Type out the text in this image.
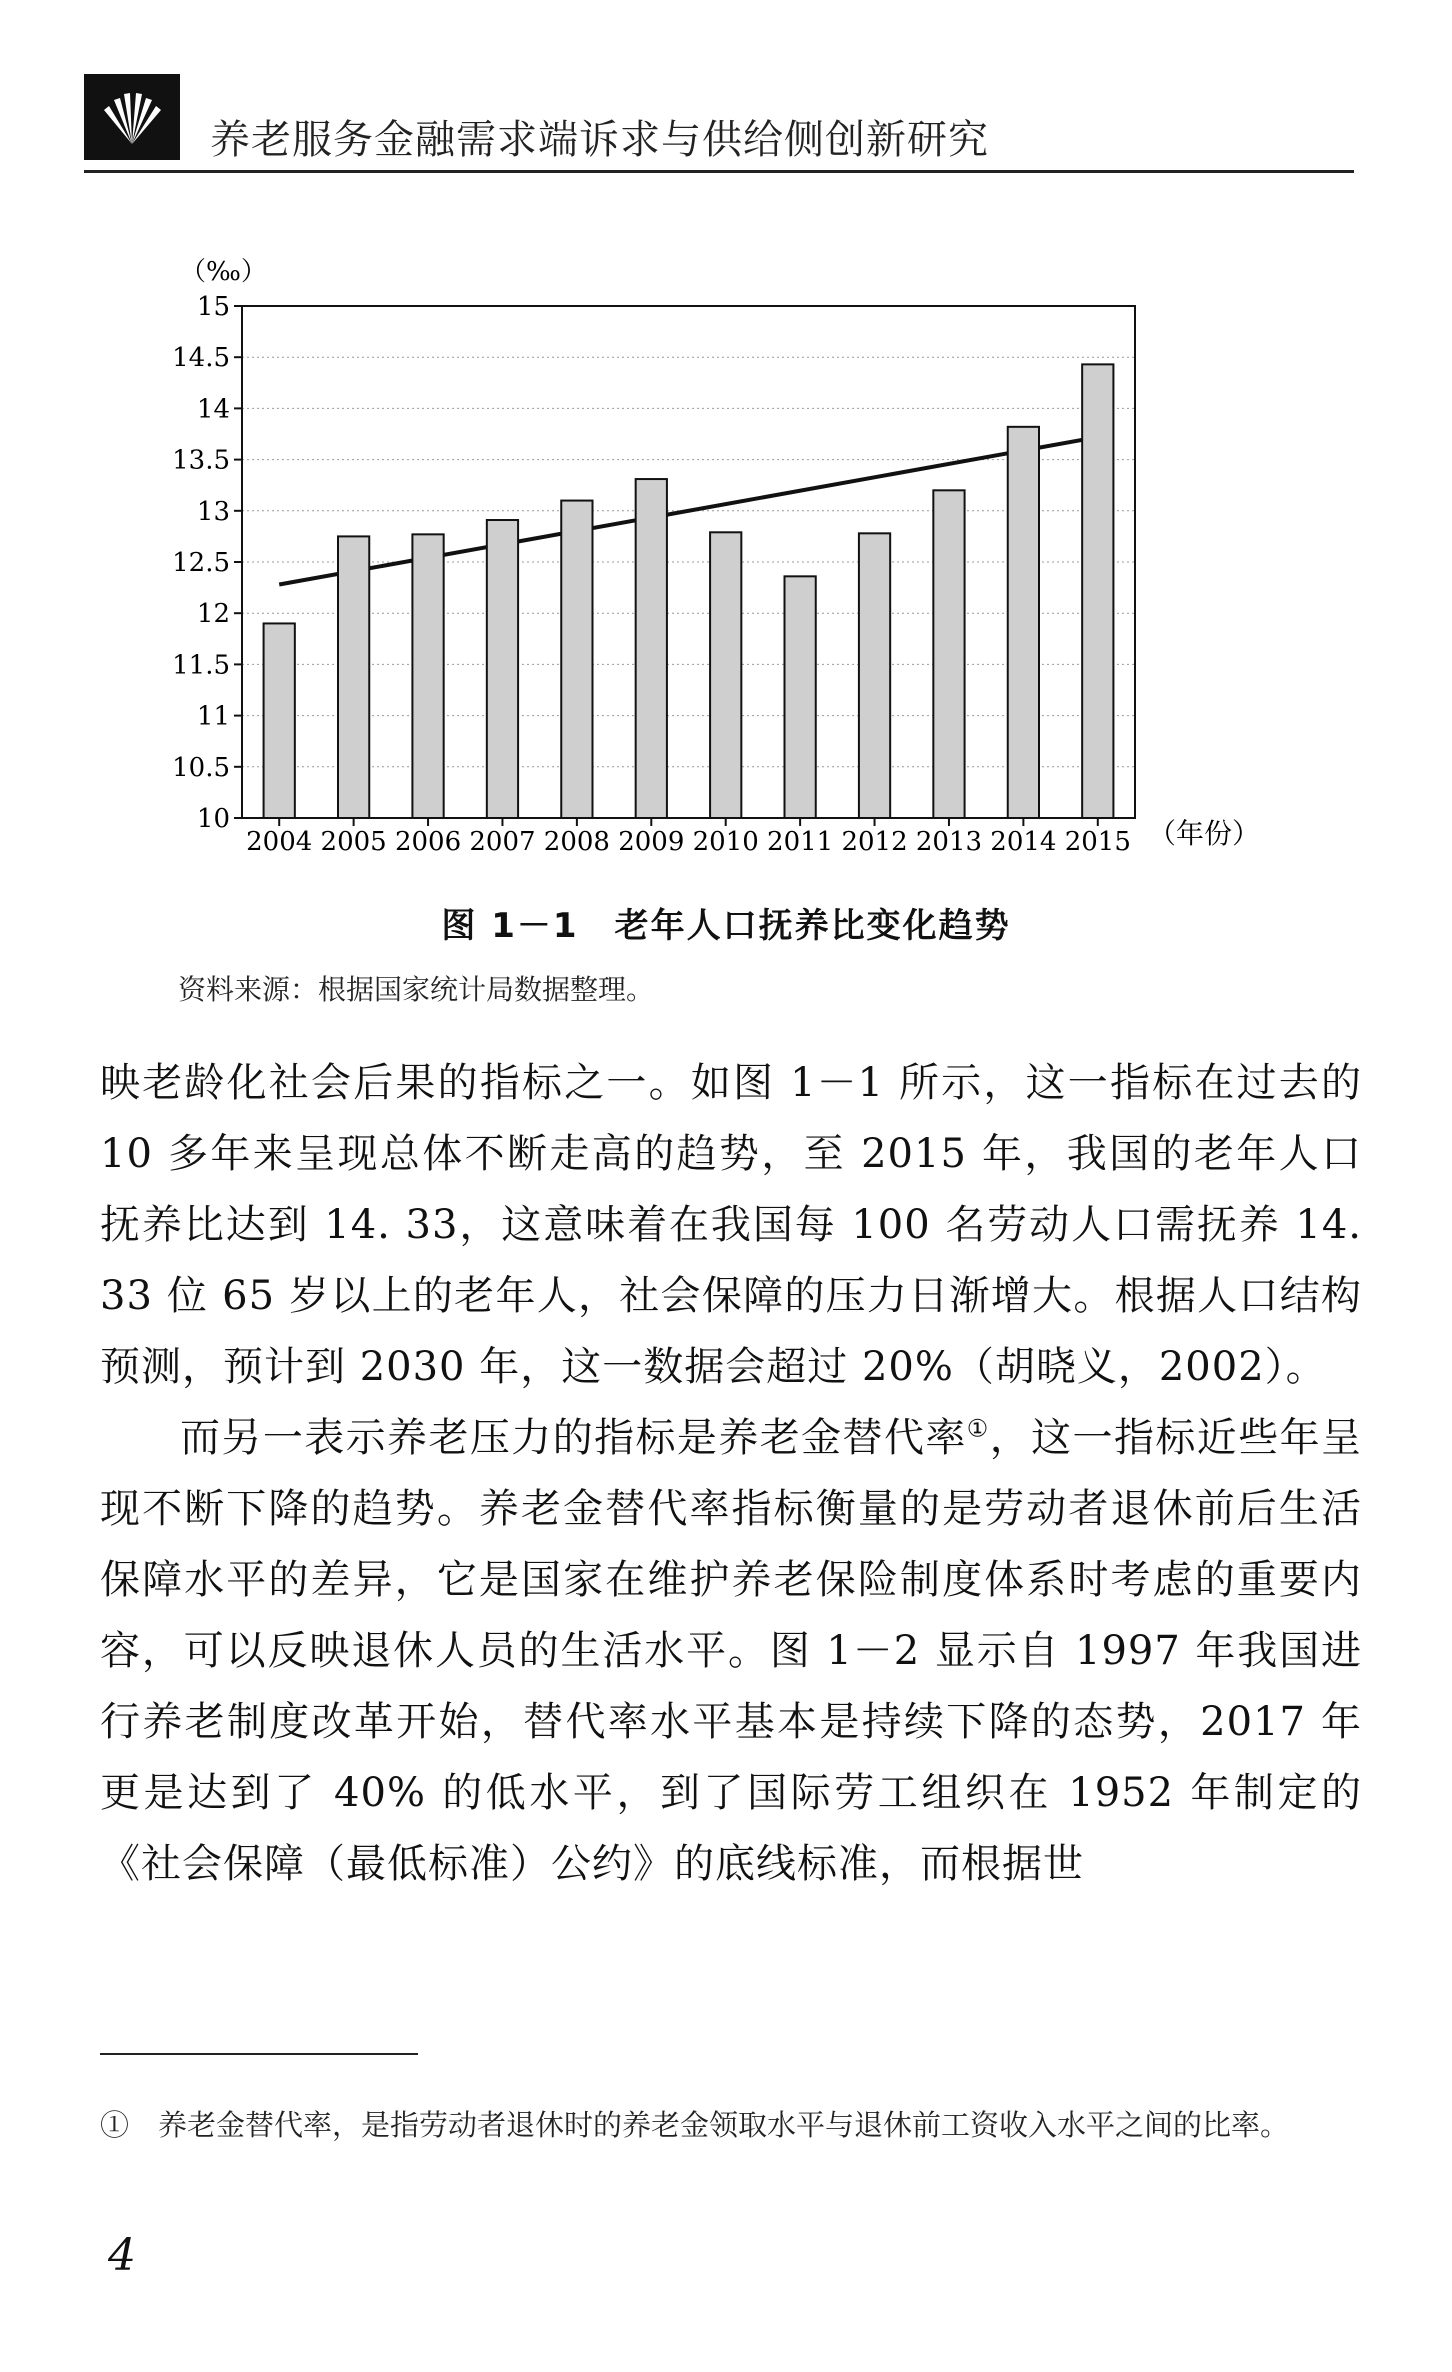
养老服务金融需求端诉求与供给侧创新研究
15
14.5
14
13.5
13
12.5
12
11.5
11
10.5
10
2004 2005 2006 2007 2008 2009 2010 2011 2012 2013 2014 2015
（‰）
（年份）
图 1－1　老年人口抚养比变化趋势
资料来源：根据国家统计局数据整理。

映老龄化社会后果的指标之一。如图 1－1 所示，这一指标在过去的 10 多年来呈现总体不断走高的趋势，至 2015 年，我国的老年人口抚养比达到 14. 33，这意味着在我国每 100 名劳动人口需抚养 14. 33 位 65 岁以上的老年人，社会保障的压力日渐增大。根据人口结构预测，预计到 2030 年，这一数据会超过 20%（胡晓义，2002）。

而另一表示养老压力的指标是养老金替代率①，这一指标近些年呈现不断下降的趋势。养老金替代率指标衡量的是劳动者退休前后生活保障水平的差异，它是国家在维护养老保险制度体系时考虑的重要内容，可以反映退休人员的生活水平。图 1－2 显示自 1997 年我国进行养老制度改革开始，替代率水平基本是持续下降的态势，2017 年更是达到了 40% 的低水平，到了国际劳工组织在 1952 年制定的《社会保障（最低标准）公约》的底线标准，而根据世

①　养老金替代率，是指劳动者退休时的养老金领取水平与退休前工资收入水平之间的比率。
4
